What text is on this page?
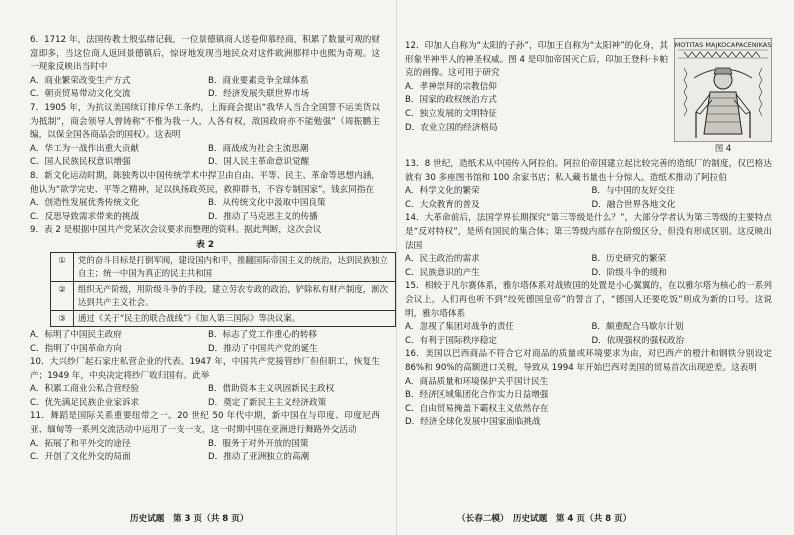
6．1712 年，法国传教士殷弘绪记载，一位景德镇商人送卷仰慕经商，积累了数量可观的财富即多，当这位商人返回景德镇后，惊讶地发现当地民众对这件欧洲那样中也熙为奇观。这一现象反映出当时中

A．商业繁荣改变生产方式	B．商业要素竞争全球体系
C．朝贡贸易带动文化交流	D．经济发展失联世界市场

7．1905 年，为抗议美国续订排斥华工条约，上海商会提出“我华人当合全国誓不运美货以为抵制”，商会领导人曾铸称“不惟为我一人，人各有权，敌国政府亦不能勉强”（周振鹏主编，以保全国各商品会的国权）。这表明

A．华工为一战作出重大贡献	B．商战成为社会主流思潮
C．国人民族民权意识增强	D．国人民主革命意识觉醒

8．新文化运动时期，陈独秀以中国传统学术中捍卫由自由、平等、民主、革命等思想内涵，他认为“欲学完史、平等之精神，足以执扬政英民，救抑群书，不容专制国家”，钱玄同指在

A．创造性发展优秀传统文化	B．从传统文化中汲取中国良策
C．反思导致需求带来的挑战	D．推动了马克思主义的传播

9．表 2 是根据中国共产党某次会议要求而整理的资料。据此判断，这次会议

表 2

①	党的奋斗目标是打倒军阀，建设国内和平，推翻国际帝国主义的统治，达到民族独立自主；统一中国为真正的民主共和国
②	组织无产阶级，用阶级斗争的手段，建立劳农专政的政治，铲除私有财产制度，渐次达到共产主义社会。
③	通过《关于“民主的联合战线”》《加入第三国际》等决议案。
A．标明了中国民主政府	B．标志了党工作重心的转移
C．指明了中国革命方向	D．推动了中国共产党的诞生

10．大兴纱厂起石家庄私营企业的代表。1947 年，中国共产党接管纱厂但但职工，恢复生产；1949 年，中央决定将纱厂收归国有。此举

A．积累工商业公私合营经验	B．借助资本主义巩固新民主政权
C．优先满足民族企业家诉求	D．奠定了新民主主义经济政策

11．舞蹈是国际关系重要纽带之一。20 世纪 50 年代中期，新中国在与印度、印度尼西亚、缅甸等一系列交流活动中运用了一支一支，这一时期中国在亚洲进行舞路外交活动

A．拓展了和平外交的途径	B．服务于对外开放的国策
C．开创了文化外交的局面	D．推动了亚洲独立的高潮
历史试题　第 3 页（共 8 页）
MOTITAS MAJKOCAPACENIKAS
图 4

12．印加人自称为“太阳的子孙”，印加王自称为“太阳神”的化身，其形象半神半人的神圣权威。图 4 是印加帝国灭亡后，印加王登科·卡帕克的画像。这可用于研究

A．孝神崇拜的宗教信仰
B．国家的政权统治方式
C．独立发展的文明特征
D．农业立国的经济格局

13．8 世纪，造纸术从中国传入阿拉伯。阿拉伯帝国建立起比较完善的造纸厂的制度，仅巴格达就有 30 多座图书馆和 100 余家书店；私人藏书量也十分惊人。造纸术推动了阿拉伯

A．科学文化的繁荣	B．与中国的友好交往
C．大众教育的普及	D．融合世界各地文化

14．大革命前后，法国学界长期探究“第三等级是什么？”，大部分学者认为第三等级的主要特点是“反对特权”，是所有国民的集合体；第三等级内部存在阶级区分，但没有形成区别。这反映出法国

A．民主政治的需求	B．历史研究的繁荣
C．民族意识的产生	D．阶级斗争的缓和

15．相较于凡尔赛体系，雅尔塔体系对战败国的处置是小心翼翼的，在以雅尔塔为核心的一系列会议上，人们再也听不到“绞死德国皇帝”的誓言了，“德国人还要吃饭”则成为新的口号。这说明，雅尔塔体系

A．忽视了集团对战争的责任	B．颇重配合马歇尔计划
C．有利于国际秩序稳定	D．依现强权的强权政治

16．美国以巴西商品不符合它对商品的质量或环境要求为由，对巴西产的橙汁和钢铁分别设定 86%和 90%的高额进口关税，导致从 1994 年开始巴西对美国的贸易首次出现逆差。这表明

A．商品质量和环境保护关乎国计民生
B．经济区域集团化合作实力日益增强
C．自由贸易掩盖下霸权主义依然存在
D．经济全球化发展中国家面临挑战
（长春二模）　历史试题　第 4 页（共 8 页）
